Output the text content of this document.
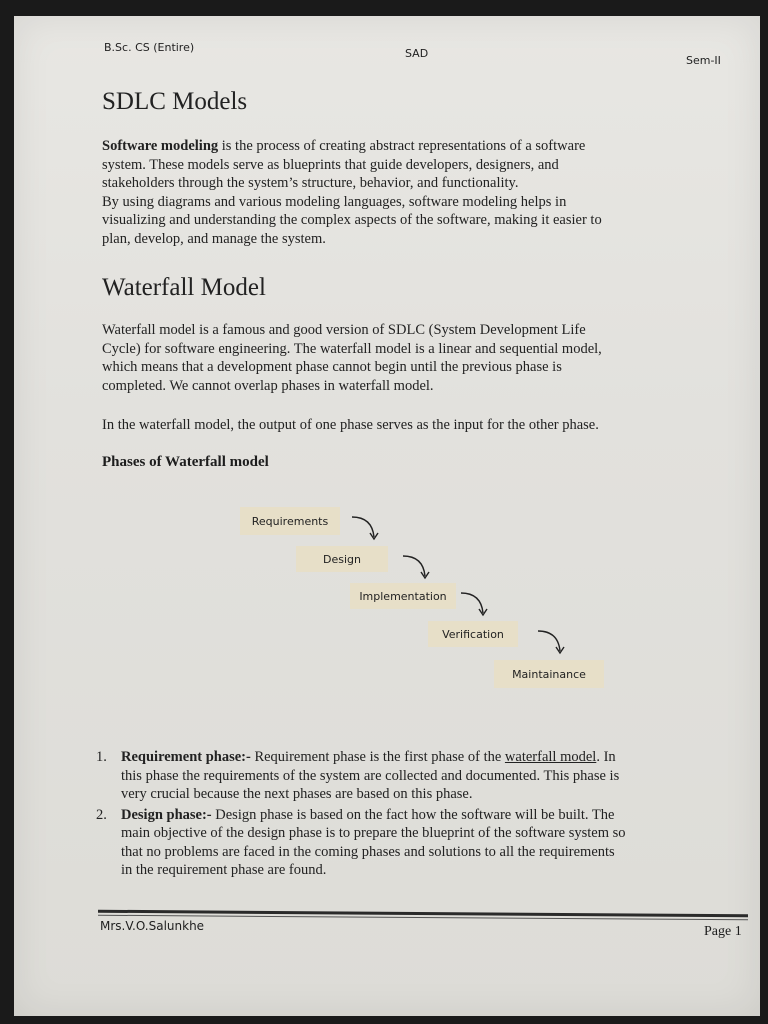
B.Sc. CS (Entire)	SAD
Sem-II
SDLC Models
Software modeling is the process of creating abstract representations of a software
system. These models serve as blueprints that guide developers, designers, and
stakeholders through the system’s structure, behavior, and functionality.
By using diagrams and various modeling languages, software modeling helps in
visualizing and understanding the complex aspects of the software, making it easier to
plan, develop, and manage the system.
Waterfall Model
Waterfall model is a famous and good version of SDLC (System Development Life
Cycle) for software engineering. The waterfall model is a linear and sequential model,
which means that a development phase cannot begin until the previous phase is
completed. We cannot overlap phases in waterfall model.
In the waterfall model, the output of one phase serves as the input for the other phase.
Phases of Waterfall model
Requirements
Design
Implementation
Verification
Maintainance
1. Requirement phase:- Requirement phase is the first phase of the waterfall model. In
this phase the requirements of the system are collected and documented. This phase is
very crucial because the next phases are based on this phase.
2. Design phase:- Design phase is based on the fact how the software will be built. The
main objective of the design phase is to prepare the blueprint of the software system so
that no problems are faced in the coming phases and solutions to all the requirements
in the requirement phase are found.
Mrs.V.O.Salunkhe	Page 1
